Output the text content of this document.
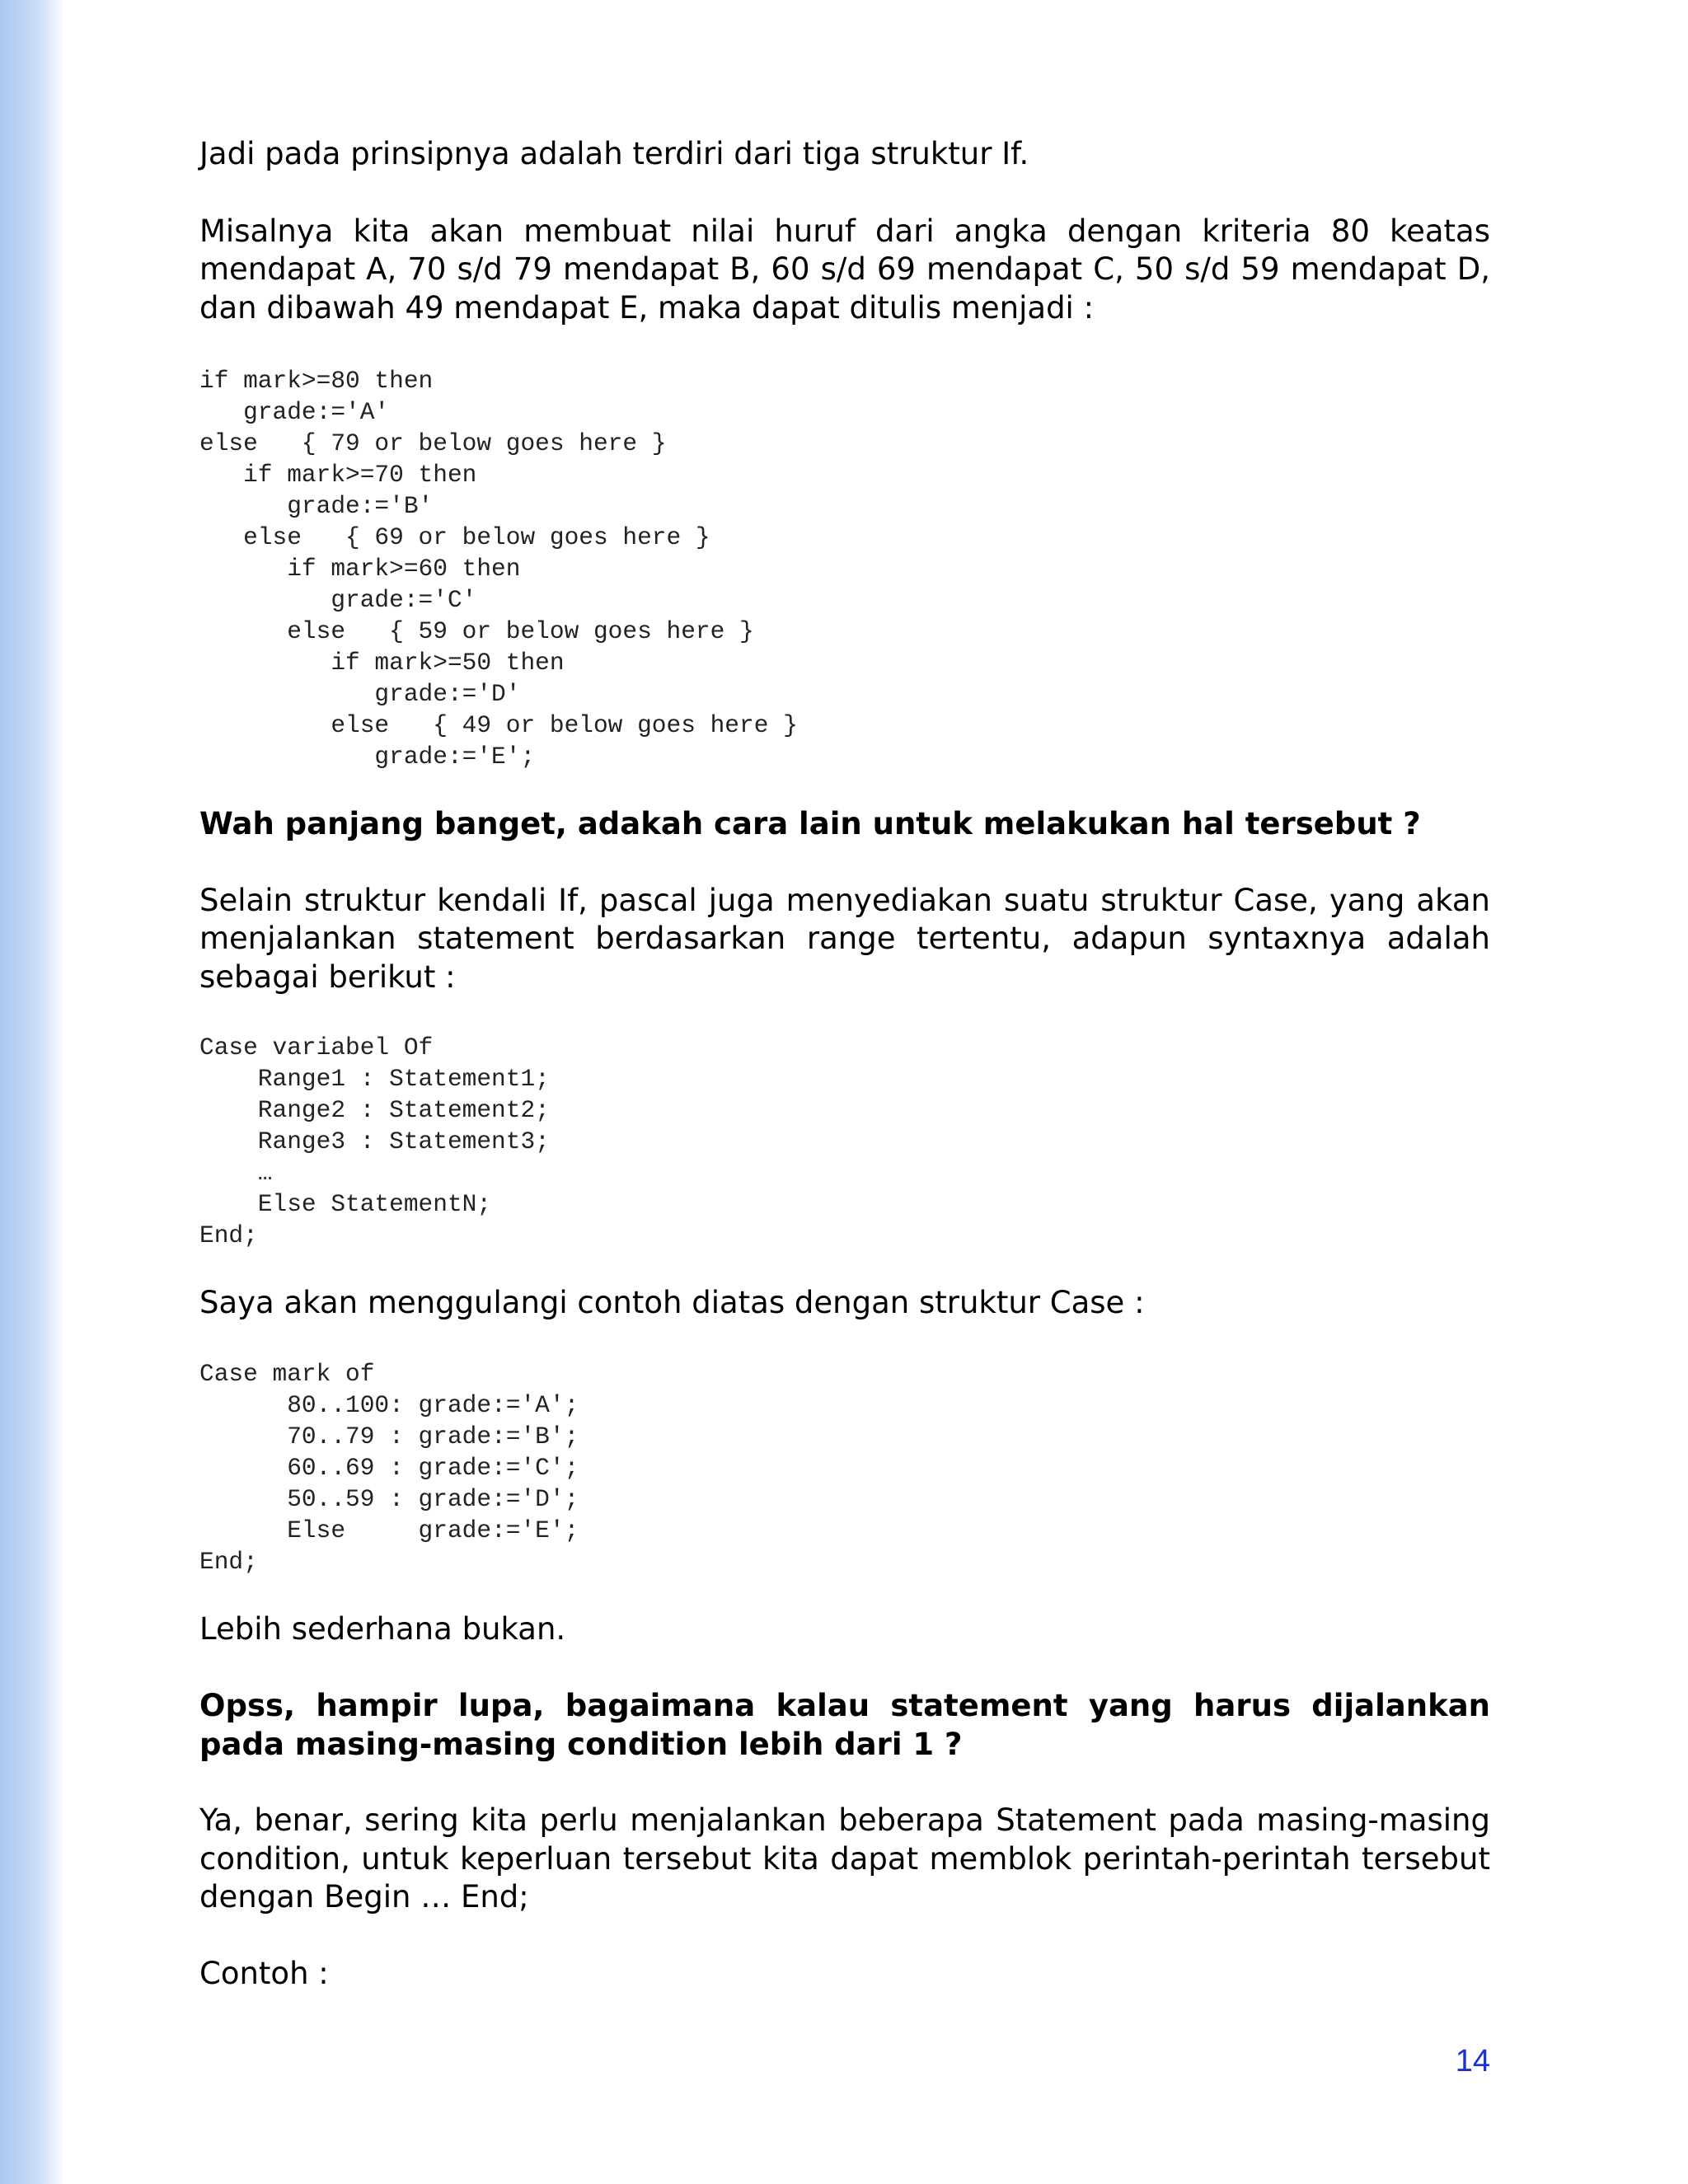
Jadi pada prinsipnya adalah terdiri dari tiga struktur If.

Misalnya kita akan membuat nilai huruf dari angka dengan kriteria 80 keatas mendapat A, 70 s/d 79 mendapat B, 60 s/d 69 mendapat C, 50 s/d 59 mendapat D, dan dibawah 49 mendapat E, maka dapat ditulis menjadi :

if mark>=80 then
grade:='A'
else   { 79 or below goes here }
if mark>=70 then
grade:='B'
else   { 69 or below goes here }
if mark>=60 then
grade:='C'
else   { 59 or below goes here }
if mark>=50 then
grade:='D'
else   { 49 or below goes here }
grade:='E';

Wah panjang banget, adakah cara lain untuk melakukan hal tersebut ?

Selain struktur kendali If, pascal juga menyediakan suatu struktur Case, yang akan menjalankan statement berdasarkan range tertentu, adapun syntaxnya adalah sebagai berikut :

Case variabel Of
Range1 : Statement1;
Range2 : Statement2;
Range3 : Statement3;
…
Else StatementN;
End;

Saya akan menggulangi contoh diatas dengan struktur Case :

Case mark of
80..100: grade:='A';
70..79 : grade:='B';
60..69 : grade:='C';
50..59 : grade:='D';
Else     grade:='E';
End;

Lebih sederhana bukan.

Opss, hampir lupa, bagaimana kalau statement yang harus dijalankan pada masing-masing condition lebih dari 1 ?

Ya, benar, sering kita perlu menjalankan beberapa Statement pada masing-masing condition, untuk keperluan tersebut kita dapat memblok perintah-perintah tersebut dengan Begin … End;

Contoh :

14
